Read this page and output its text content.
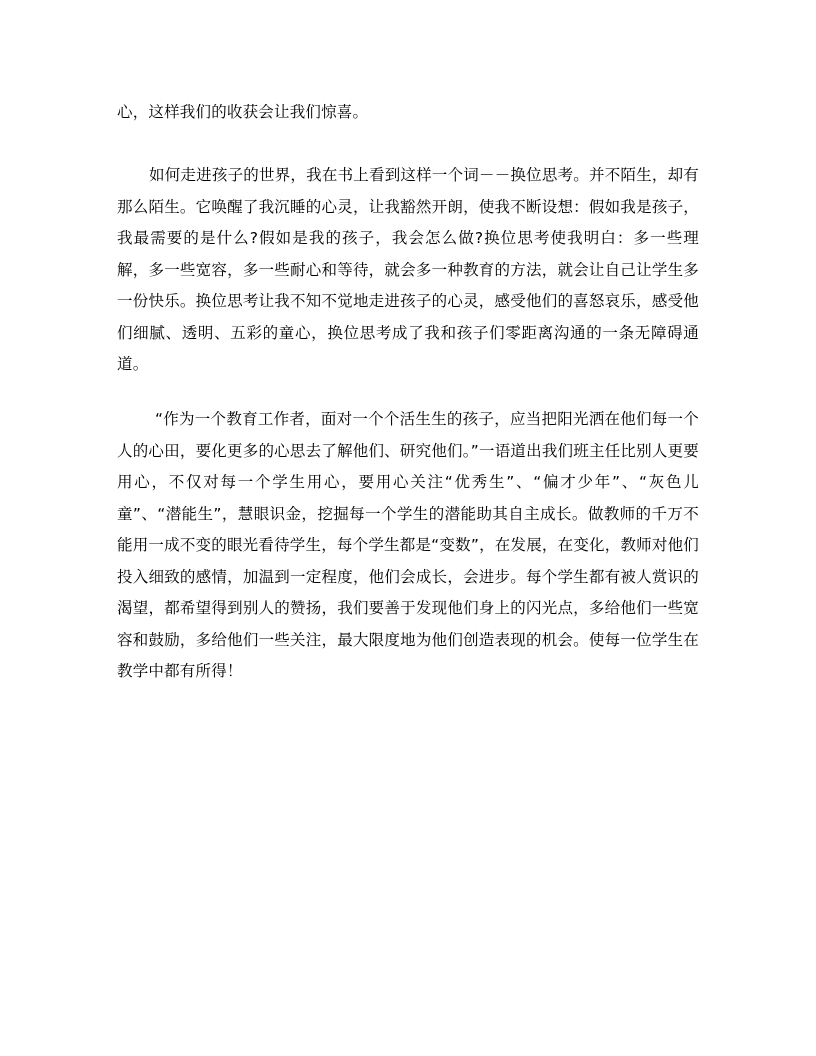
心，这样我们的收获会让我们惊喜。

如何走进孩子的世界，我在书上看到这样一个词－－换位思考。并不陌生，却有那么陌生。它唤醒了我沉睡的心灵，让我豁然开朗，使我不断设想：假如我是孩子，我最需要的是什么?假如是我的孩子，我会怎么做?换位思考使我明白：多一些理解，多一些宽容，多一些耐心和等待，就会多一种教育的方法，就会让自己让学生多一份快乐。换位思考让我不知不觉地走进孩子的心灵，感受他们的喜怒哀乐，感受他们细腻、透明、五彩的童心，换位思考成了我和孩子们零距离沟通的一条无障碍通道。

“作为一个教育工作者，面对一个个活生生的孩子，应当把阳光洒在他们每一个人的心田，要化更多的心思去了解他们、研究他们。”一语道出我们班主任比别人更要用心，不仅对每一个学生用心，要用心关注“优秀生”、“偏才少年”、“灰色儿童”、“潜能生”，慧眼识金，挖掘每一个学生的潜能助其自主成长。做教师的千万不能用一成不变的眼光看待学生，每个学生都是“变数”，在发展，在变化，教师对他们投入细致的感情，加温到一定程度，他们会成长，会进步。每个学生都有被人赏识的渴望，都希望得到别人的赞扬，我们要善于发现他们身上的闪光点，多给他们一些宽容和鼓励，多给他们一些关注，最大限度地为他们创造表现的机会。使每一位学生在教学中都有所得！
